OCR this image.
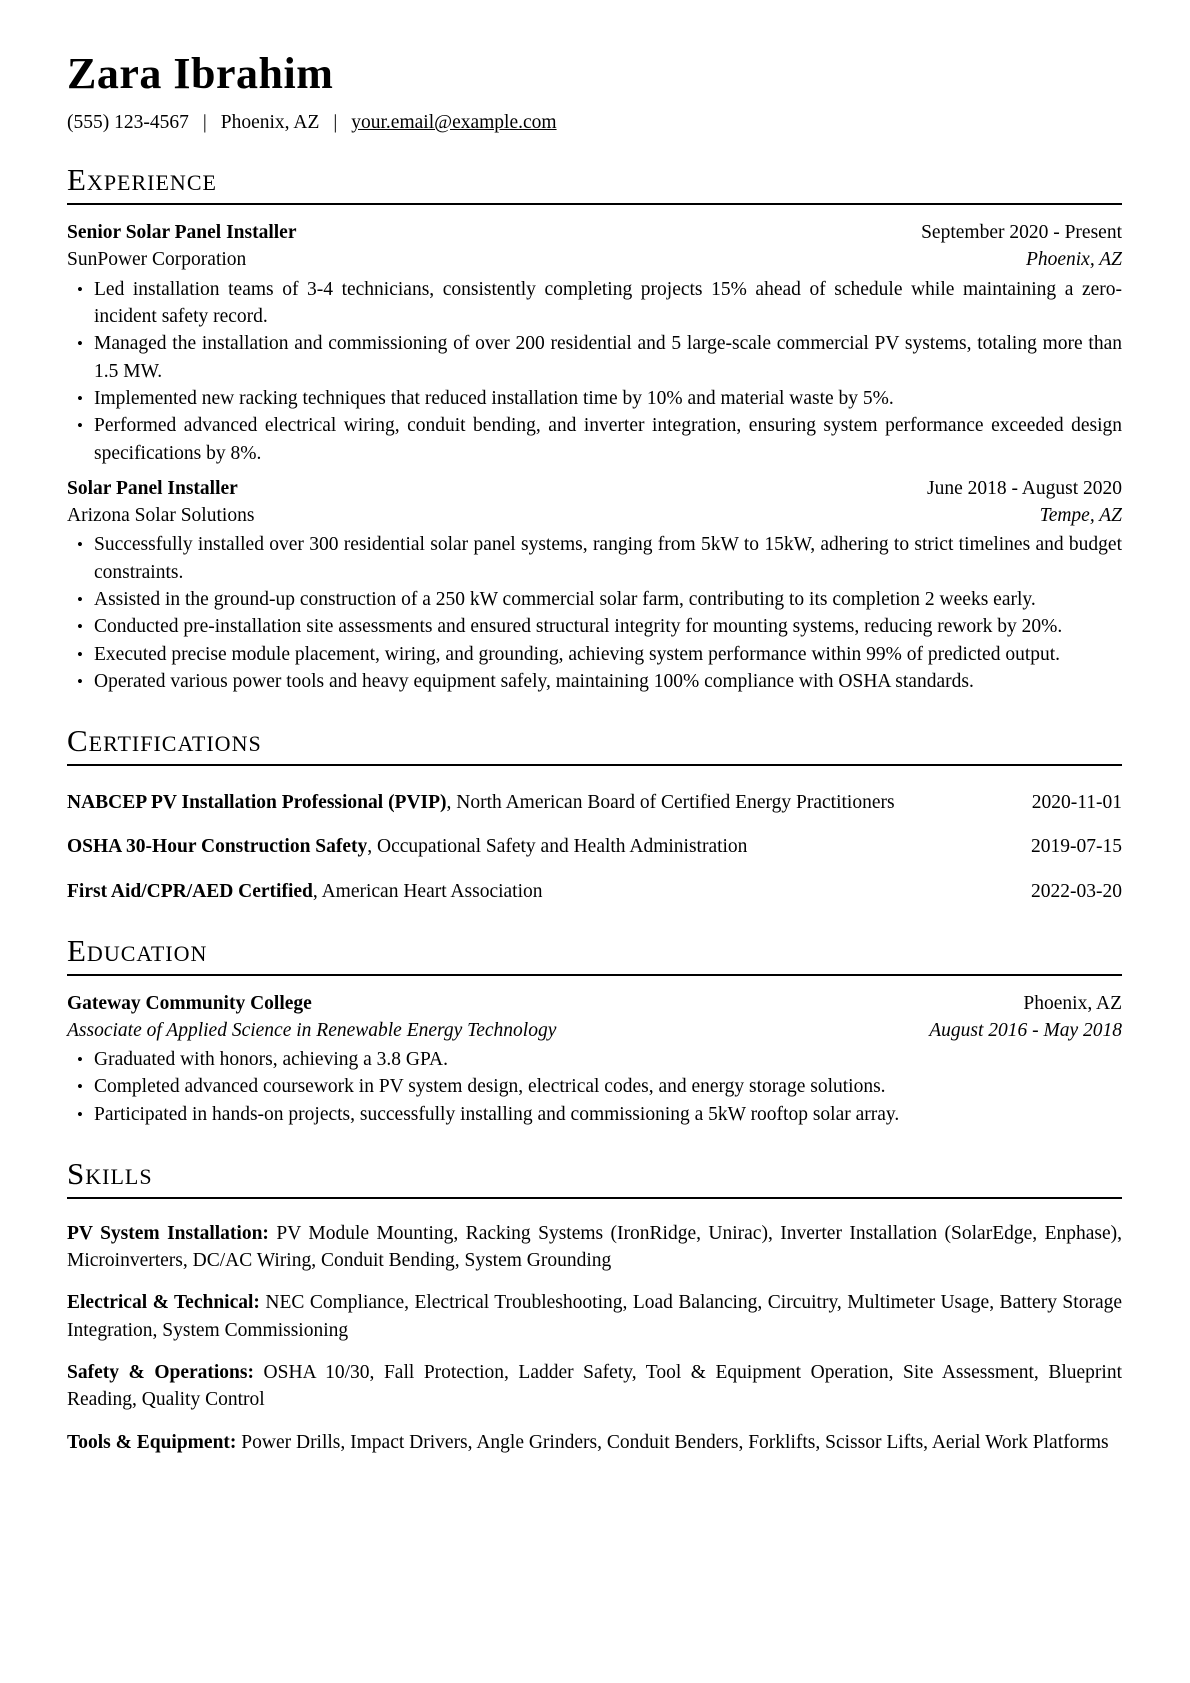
Zara Ibrahim
(555) 123-4567 | Phoenix, AZ | your.email@example.com
Experience
Senior Solar Panel Installer	September 2020 - Present
SunPower Corporation	Phoenix, AZ
•
Led installation teams of 3-4 technicians, consistently completing projects 15% ahead of schedule while maintaining a zero-incident safety record.
•
Managed the installation and commissioning of over 200 residential and 5 large-scale commercial PV systems, totaling more than 1.5 MW.
•
Implemented new racking techniques that reduced installation time by 10% and material waste by 5%.
•
Performed advanced electrical wiring, conduit bending, and inverter integration, ensuring system performance exceeded design specifications by 8%.
Solar Panel Installer	June 2018 - August 2020
Arizona Solar Solutions	Tempe, AZ
•
Successfully installed over 300 residential solar panel systems, ranging from 5kW to 15kW, adhering to strict timelines and budget constraints.
•
Assisted in the ground-up construction of a 250 kW commercial solar farm, contributing to its completion 2 weeks early.
•
Conducted pre-installation site assessments and ensured structural integrity for mounting systems, reducing rework by 20%.
•
Executed precise module placement, wiring, and grounding, achieving system performance within 99% of predicted output.
•
Operated various power tools and heavy equipment safely, maintaining 100% compliance with OSHA standards.
Certifications
NABCEP PV Installation Professional (PVIP), North American Board of Certified Energy Practitioners	2020-11-01
OSHA 30-Hour Construction Safety, Occupational Safety and Health Administration	2019-07-15
First Aid/CPR/AED Certified, American Heart Association	2022-03-20
Education
Gateway Community College	Phoenix, AZ
Associate of Applied Science in Renewable Energy Technology	August 2016 - May 2018
•
Graduated with honors, achieving a 3.8 GPA.
•
Completed advanced coursework in PV system design, electrical codes, and energy storage solutions.
•
Participated in hands-on projects, successfully installing and commissioning a 5kW rooftop solar array.
Skills

PV System Installation: PV Module Mounting, Racking Systems (IronRidge, Unirac), Inverter Installation (SolarEdge, Enphase), Microinverters, DC/AC Wiring, Conduit Bending, System Grounding

Electrical & Technical: NEC Compliance, Electrical Troubleshooting, Load Balancing, Circuitry, Multimeter Usage, Battery Storage Integration, System Commissioning

Safety & Operations: OSHA 10/30, Fall Protection, Ladder Safety, Tool & Equipment Operation, Site Assessment, Blueprint Reading, Quality Control

Tools & Equipment: Power Drills, Impact Drivers, Angle Grinders, Conduit Benders, Forklifts, Scissor Lifts, Aerial Work Platforms
